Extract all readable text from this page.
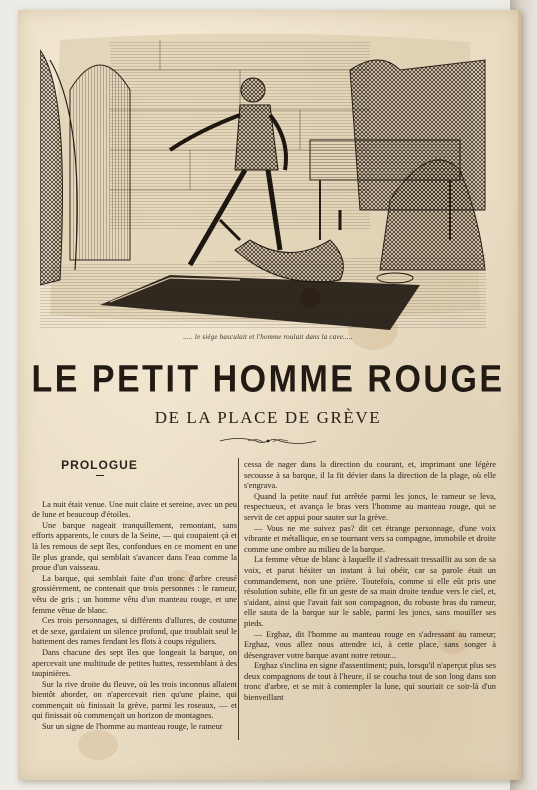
..... le siége basculait et l'homme roulait dans la cave.....
LE PETIT HOMME ROUGE
DE LA PLACE DE GRÈVE
PROLOGUE

La nuit était venue. Une nuit claire et sereine, avec un peu de lune et beaucoup d'étoiles.

Une barque nageait tranquillement, remontant, sans efforts apparents, le cours de la Seine, — qui coupaient çà et là les remous de sept îles, confondues en ce moment en une île plus grande, qui semblait s'avancer dans l'eau comme la proue d'un vaisseau.

La barque, qui semblait faite d'un tronc d'arbre creusé grossièrement, ne contenait que trois personnes : le rameur, vêtu de gris ; un homme vêtu d'un manteau rouge, et une femme vêtue de blanc.

Ces trois personnages, si différents d'allures, de costume et de sexe, gardaient un silence profond, que troublait seul le battement des rames fendant les flots à coups réguliers.

Dans chacune des sept îles que longeait la barque, on apercevait une multitude de petites huttes, ressemblant à des taupinières.

Sur la rive droite du fleuve, où les trois inconnus allaient bientôt aborder, on n'apercevait rien qu'une plaine, qui commençait où finissait la grève, parmi les roseaux, — et qui finissait où commençait un horizon de montagnes.

Sur un signe de l'homme au manteau rouge, le rameur

cessa de nager dans la direction du courant, et, imprimant une légère secousse à sa barque, il la fit dévier dans la direction de la plage, où elle s'engrava.

Quand la petite nauf fut arrêtée parmi les joncs, le rameur se leva, respectueux, et avança le bras vers l'homme au manteau rouge, qui se servit de cet appui pour sauter sur la grève.

— Vous ne me suivez pas? dit cet étrange personnage, d'une voix vibrante et métallique, en se tournant vers sa compagne, immobile et droite comme une ombre au milieu de la barque.

La femme vêtue de blanc à laquelle il s'adressait tressaillit au son de sa voix, et parut hésiter un instant à lui obéir, car sa parole était un commandement, non une prière. Toutefois, comme si elle eût pris une résolution subite, elle fit un geste de sa main droite tendue vers le ciel, et, s'aidant, ainsi que l'avait fait son compagnon, du robuste bras du rameur, elle sauta de la barque sur le sable, parmi les joncs, sans mouiller ses pieds.

— Erghaz, dit l'homme au manteau rouge en s'adressant au rameur; Erghaz, vous allez nous attendre ici, à cette place, sans songer à désengraver votre barque avant notre retour...

Erghaz s'inclina en signe d'assentiment; puis, lorsqu'il n'aperçut plus ses deux compagnons de tout à l'heure, il se coucha tout de son long dans son tronc d'arbre, et se mit à contempler la lune, qui souriait ce soir-là d'un bienveillant
